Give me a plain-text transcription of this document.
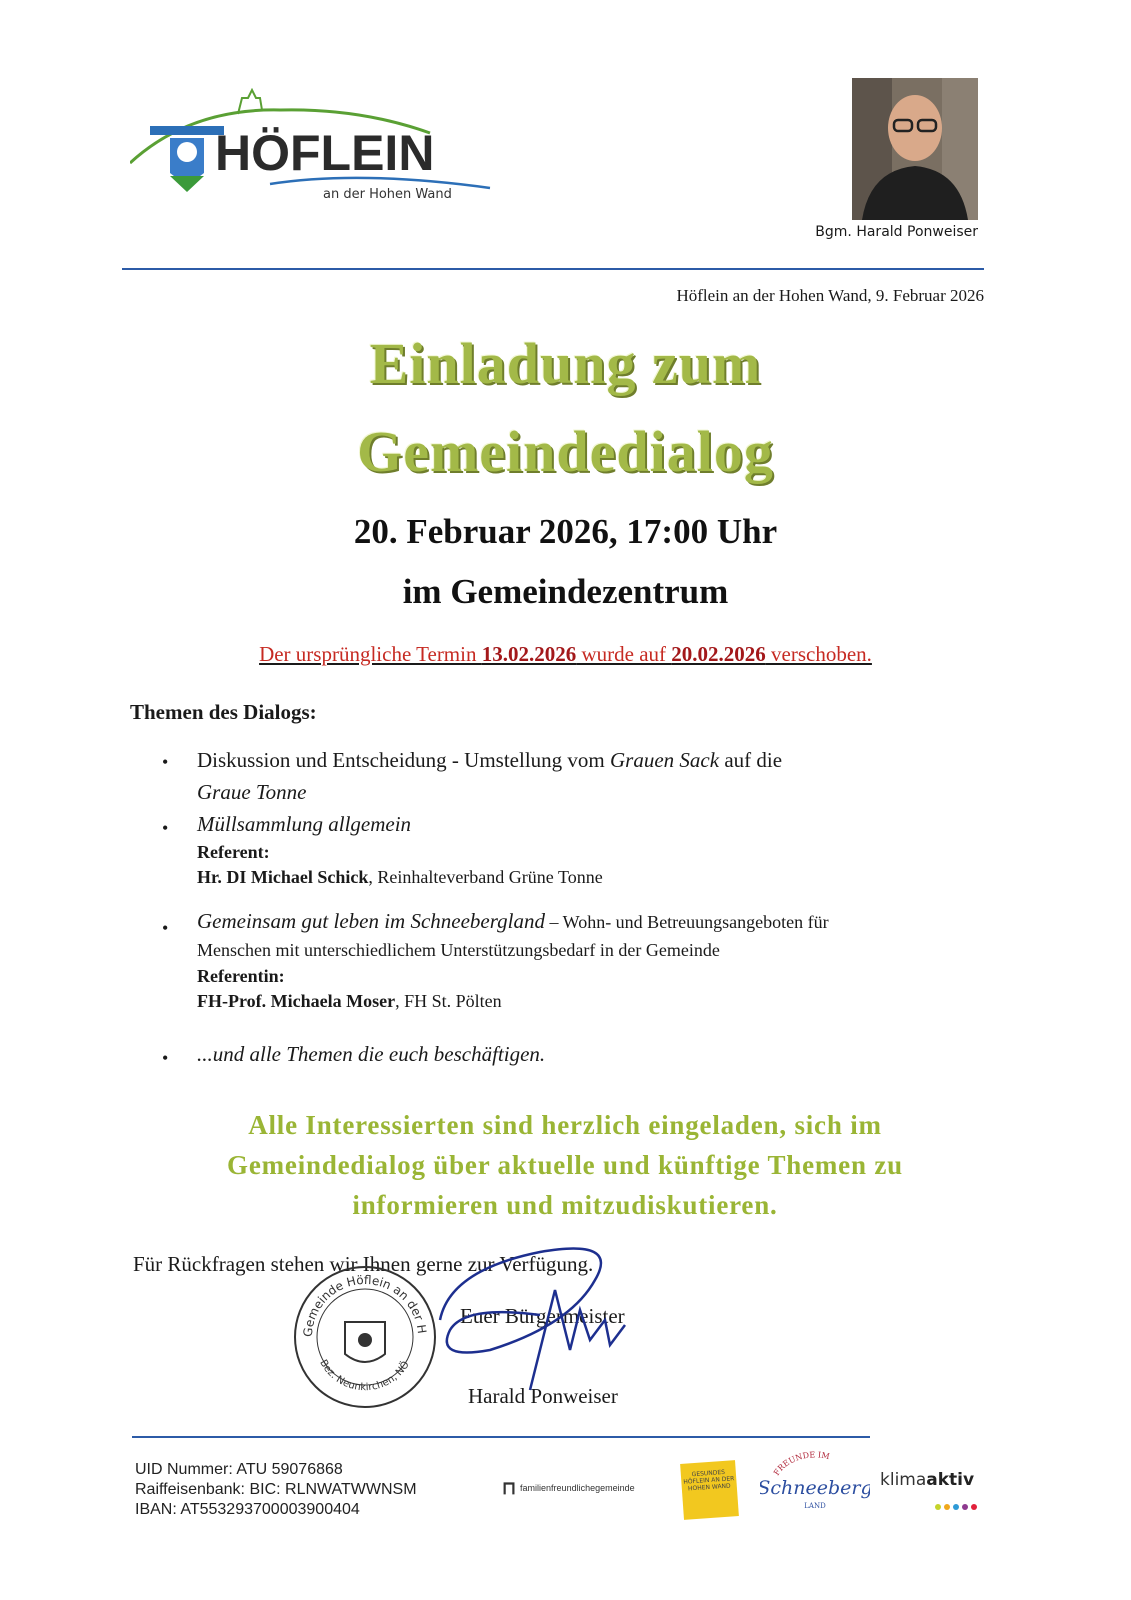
HÖFLEIN
an der Hohen Wand
Bgm. Harald Ponweiser
Höflein an der Hohen Wand, 9. Februar 2026
Einladung zum
Gemeindedialog
20. Februar 2026, 17:00 Uhr
im Gemeindezentrum
Der ursprüngliche Termin 13.02.2026 wurde auf 20.02.2026 verschoben.
Themen des Dialogs:
• Diskussion und Entscheidung - Umstellung vom Grauen Sack auf die
Graue Tonne
• Müllsammlung allgemein
Referent:
Hr. DI Michael Schick, Reinhalteverband Grüne Tonne
• Gemeinsam gut leben im Schneebergland – Wohn- und Betreuungsangeboten für
Menschen mit unterschiedlichem Unterstützungsbedarf in der Gemeinde
Referentin:
FH-Prof. Michaela Moser, FH St. Pölten
• ...und alle Themen die euch beschäftigen.
Alle Interessierten sind herzlich eingeladen, sich im
Gemeindedialog über aktuelle und künftige Themen zu
informieren und mitzudiskutieren.
Für Rückfragen stehen wir Ihnen gerne zur Verfügung.
Gemeinde Höflein an der H
Bez. Neunkirchen, NÖ
Euer Bürgermeister
Harald Ponweiser
UID Nummer: ATU 59076868
Raiffeisenbank: BIC: RLNWATWWNSM
IBAN: AT553293700003900404
⊓ familienfreundlichegemeinde
GESUNDES HÖFLEIN AN DER HOHEN WAND
FREUNDE IM
Schneeberg
LAND
klimaaktiv
